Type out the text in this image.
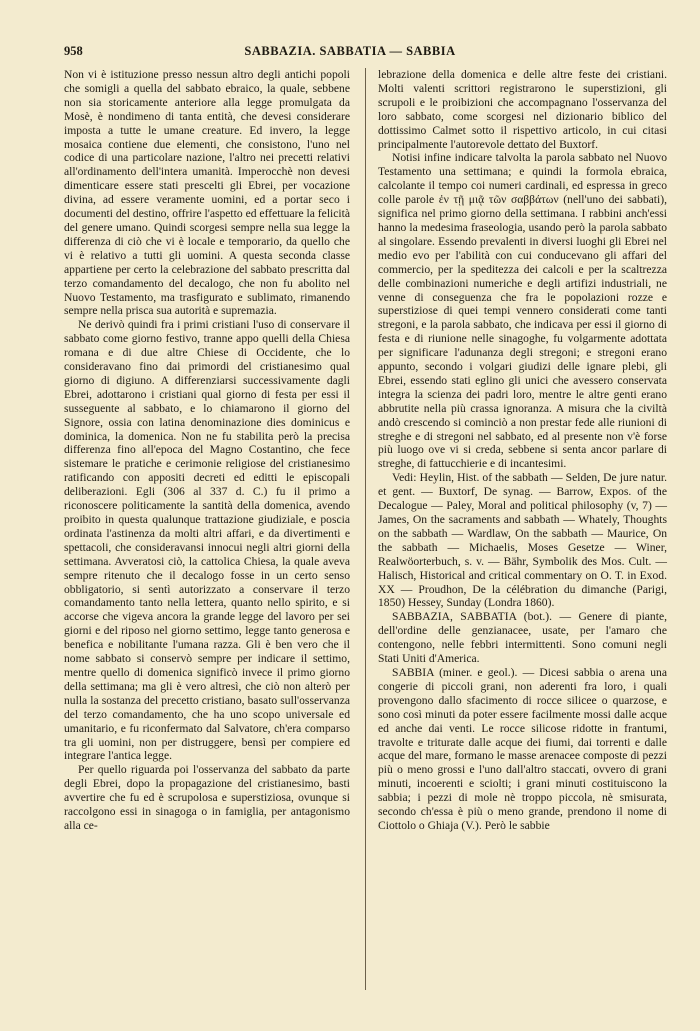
958	SABBAZIA. SABBATIA — SABBIA

Non vi è istituzione presso nessun altro degli antichi popoli che somigli a quella del sabbato ebraico, la quale, sebbene non sia storicamente anteriore alla legge promulgata da Mosè, è nondimeno di tanta entità, che devesi considerare imposta a tutte le umane creature. Ed invero, la legge mosaica contiene due elementi, che consistono, l'uno nel codice di una particolare nazione, l'altro nei precetti relativi all'ordinamento dell'intera umanità. Imperocchè non devesi dimenticare essere stati prescelti gli Ebrei, per vocazione divina, ad essere veramente uomini, ed a portar seco i documenti del destino, offrire l'aspetto ed effettuare la felicità del genere umano. Quindi scorgesi sempre nella sua legge la differenza di ciò che vi è locale e temporario, da quello che vi è relativo a tutti gli uomini. A questa seconda classe appartiene per certo la celebrazione del sabbato prescritta dal terzo comandamento del decalogo, che non fu abolito nel Nuovo Testamento, ma trasfigurato e sublimato, rimanendo sempre nella prisca sua autorità e supremazia.

Ne derivò quindi fra i primi cristiani l'uso di conservare il sabbato come giorno festivo, tranne appo quelli della Chiesa romana e di due altre Chiese di Occidente, che lo consideravano fino dai primordi del cristianesimo qual giorno di digiuno. A differenziarsi successivamente dagli Ebrei, adottarono i cristiani qual giorno di festa per essi il susseguente al sabbato, e lo chiamarono il giorno del Signore, ossia con latina denominazione dies dominicus e dominica, la domenica. Non ne fu stabilita però la precisa differenza fino all'epoca del Magno Costantino, che fece sistemare le pratiche e cerimonie religiose del cristianesimo ratificando con appositi decreti ed editti le episcopali deliberazioni. Egli (306 al 337 d. C.) fu il primo a riconoscere politicamente la santità della domenica, avendo proibito in questa qualunque trattazione giudiziale, e poscia ordinata l'astinenza da molti altri affari, e da divertimenti e spettacoli, che consideravansi innocui negli altri giorni della settimana. Avveratosi ciò, la cattolica Chiesa, la quale aveva sempre ritenuto che il decalogo fosse in un certo senso obbligatorio, si sentì autorizzato a conservare il terzo comandamento tanto nella lettera, quanto nello spirito, e si accorse che vigeva ancora la grande legge del lavoro per sei giorni e del riposo nel giorno settimo, legge tanto generosa e benefica e nobilitante l'umana razza. Gli è ben vero che il nome sabbato si conservò sempre per indicare il settimo, mentre quello di domenica significò invece il primo giorno della settimana; ma gli è vero altresì, che ciò non alterò per nulla la sostanza del precetto cristiano, basato sull'osservanza del terzo comandamento, che ha uno scopo universale ed umanitario, e fu riconfermato dal Salvatore, ch'era comparso tra gli uomini, non per distruggere, bensì per compiere ed integrare l'antica legge.

Per quello riguarda poi l'osservanza del sabbato da parte degli Ebrei, dopo la propagazione del cristianesimo, basti avvertire che fu ed è scrupolosa e superstiziosa, ovunque si raccolgono essi in sinagoga o in famiglia, per antagonismo alla ce-

lebrazione della domenica e delle altre feste dei cristiani. Molti valenti scrittori registrarono le superstizioni, gli scrupoli e le proibizioni che accompagnano l'osservanza del loro sabbato, come scorgesi nel dizionario biblico del dottissimo Calmet sotto il rispettivo articolo, in cui citasi principalmente l'autorevole dettato del Buxtorf.

Notisi infine indicare talvolta la parola sabbato nel Nuovo Testamento una settimana; e quindi la formola ebraica, calcolante il tempo coi numeri cardinali, ed espressa in greco colle parole ἐν τῇ μιᾷ τῶν σαββάτων (nell'uno dei sabbati), significa nel primo giorno della settimana. I rabbini anch'essi hanno la medesima fraseologia, usando però la parola sabbato al singolare. Essendo prevalenti in diversi luoghi gli Ebrei nel medio evo per l'abilità con cui conducevano gli affari del commercio, per la speditezza dei calcoli e per la scaltrezza delle combinazioni numeriche e degli artifizi industriali, ne venne di conseguenza che fra le popolazioni rozze e superstiziose di quei tempi vennero considerati come tanti stregoni, e la parola sabbato, che indicava per essi il giorno di festa e di riunione nelle sinagoghe, fu volgarmente adottata per significare l'adunanza degli stregoni; e stregoni erano appunto, secondo i volgari giudizi delle ignare plebi, gli Ebrei, essendo stati eglino gli unici che avessero conservata integra la scienza dei padri loro, mentre le altre genti erano abbrutite nella più crassa ignoranza. A misura che la civiltà andò crescendo si cominciò a non prestar fede alle riunioni di streghe e di stregoni nel sabbato, ed al presente non v'è forse più luogo ove vi si creda, sebbene si senta ancor parlare di streghe, di fattucchierie e di incantesimi.

Vedi: Heylin, Hist. of the sabbath — Selden, De jure natur. et gent. — Buxtorf, De synag. — Barrow, Expos. of the Decalogue — Paley, Moral and political philosophy (v, 7) — James, On the sacraments and sabbath — Whately, Thoughts on the sabbath — Wardlaw, On the sabbath — Maurice, On the sabbath — Michaelis, Moses Gesetze — Winer, Realwöorterbuch, s. v. — Bähr, Symbolik des Mos. Cult. — Halisch, Historical and critical commentary on O. T. in Exod. XX — Proudhon, De la célébration du dimanche (Parigi, 1850) Hessey, Sunday (Londra 1860).

SABBAZIA, SABBATIA (bot.). — Genere di piante, dell'ordine delle genzianacee, usate, per l'amaro che contengono, nelle febbri intermittenti. Sono comuni negli Stati Uniti d'America.

SABBIA (miner. e geol.). — Dicesi sabbia o arena una congerie di piccoli grani, non aderenti fra loro, i quali provengono dallo sfacimento di rocce silicee o quarzose, e sono così minuti da poter essere facilmente mossi dalle acque ed anche dai venti. Le rocce silicose ridotte in frantumi, travolte e triturate dalle acque dei fiumi, dai torrenti e dalle acque del mare, formano le masse arenacee composte di pezzi più o meno grossi e l'uno dall'altro staccati, ovvero di grani minuti, incoerenti e sciolti; i grani minuti costituiscono la sabbia; i pezzi di mole nè troppo piccola, nè smisurata, secondo ch'essa è più o meno grande, prendono il nome di Ciottolo o Ghiaja (V.). Però le sabbie
